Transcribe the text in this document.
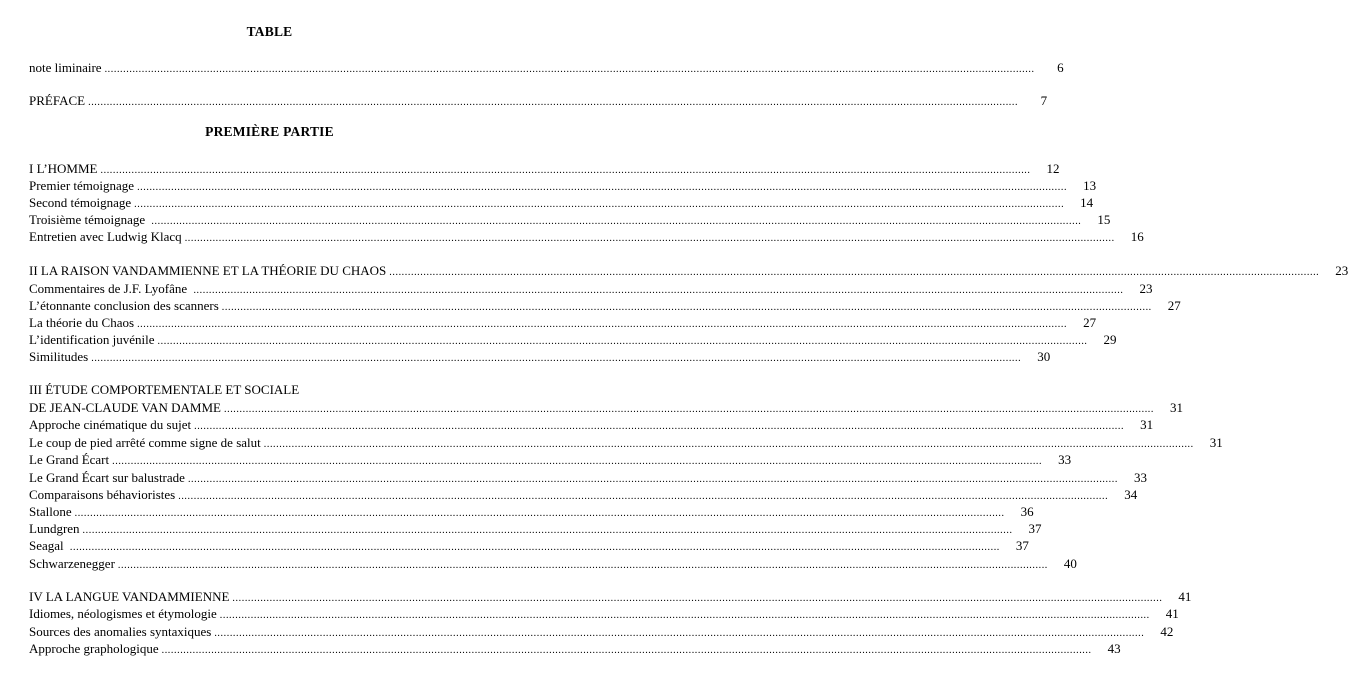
TABLE
note liminaire ............................................................................................................................................................................................................................................................................................................	6
PRÉFACE ............................................................................................................................................................................................................................................................................................................	7
PREMIÈRE PARTIE
I L’HOMME ............................................................................................................................................................................................................................................................................................................	12
Premier témoignage ............................................................................................................................................................................................................................................................................................................	13
Second témoignage ............................................................................................................................................................................................................................................................................................................	14
Troisième témoignage ............................................................................................................................................................................................................................................................................................................	15
Entretien avec Ludwig Klacq ............................................................................................................................................................................................................................................................................................................	16
II LA RAISON VANDAMMIENNE ET LA THÉORIE DU CHAOS ............................................................................................................................................................................................................................................................................................................	23
Commentaires de J.F. Lyofâne ............................................................................................................................................................................................................................................................................................................	23
L’étonnante conclusion des scanners ............................................................................................................................................................................................................................................................................................................	27
La théorie du Chaos ............................................................................................................................................................................................................................................................................................................	27
L’identification juvénile ............................................................................................................................................................................................................................................................................................................	29
Similitudes ............................................................................................................................................................................................................................................................................................................	30
III ÉTUDE COMPORTEMENTALE ET SOCIALE
DE JEAN-CLAUDE VAN DAMME ............................................................................................................................................................................................................................................................................................................	31
Approche cinématique du sujet ............................................................................................................................................................................................................................................................................................................	31
Le coup de pied arrêté comme signe de salut ............................................................................................................................................................................................................................................................................................................	31
Le Grand Écart ............................................................................................................................................................................................................................................................................................................	33
Le Grand Écart sur balustrade ............................................................................................................................................................................................................................................................................................................	33
Comparaisons béhavioristes ............................................................................................................................................................................................................................................................................................................	34
Stallone ............................................................................................................................................................................................................................................................................................................	36
Lundgren ............................................................................................................................................................................................................................................................................................................	37
Seagal ............................................................................................................................................................................................................................................................................................................	37
Schwarzenegger ............................................................................................................................................................................................................................................................................................................	40
IV LA LANGUE VANDAMMIENNE ............................................................................................................................................................................................................................................................................................................	41
Idiomes, néologismes et étymologie ............................................................................................................................................................................................................................................................................................................	41
Sources des anomalies syntaxiques ............................................................................................................................................................................................................................................................................................................	42
Approche graphologique ............................................................................................................................................................................................................................................................................................................	43
